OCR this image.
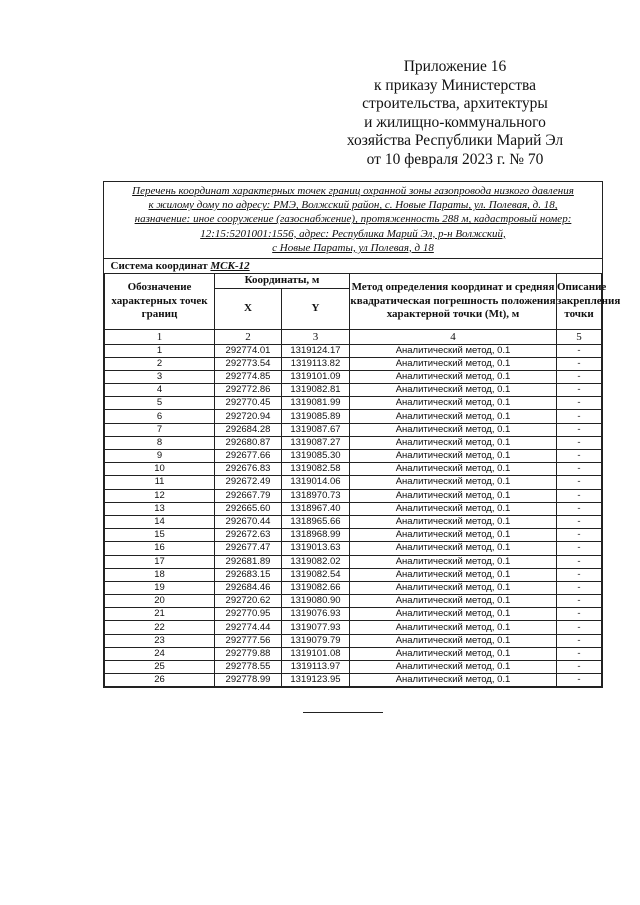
Приложение 16
к приказу Министерства
строительства, архитектуры
и жилищно-коммунального
хозяйства Республики Марий Эл
от 10 февраля 2023 г. № 70
Перечень координат характерных точек границ охранной зоны газопровода низкого давления
к жилому дому по адресу: РМЭ, Волжский район, с. Новые Параты, ул. Полевая, д. 18,
назначение: иное сооружение (газоснабжение), протяженность 288 м, кадастровый номер:
12:15:5201001:1556, адрес: Республика Марий Эл, р-н Волжский,
с Новые Параты, ул Полевая, д 18
Система координат МСК-12				
Обозначение характерных точек границ	Координаты, м		Метод определения координат и средняя квадратическая погрешность положения характерной точки (Mt), м	Описание закрепления точки
	X	Y		
1	2	3	4	5
1	292774.01	1319124.17	Аналитический метод, 0.1	-
2	292773.54	1319113.82	Аналитический метод, 0.1	-
3	292774.85	1319101.09	Аналитический метод, 0.1	-
4	292772.86	1319082.81	Аналитический метод, 0.1	-
5	292770.45	1319081.99	Аналитический метод, 0.1	-
6	292720.94	1319085.89	Аналитический метод, 0.1	-
7	292684.28	1319087.67	Аналитический метод, 0.1	-
8	292680.87	1319087.27	Аналитический метод, 0.1	-
9	292677.66	1319085.30	Аналитический метод, 0.1	-
10	292676.83	1319082.58	Аналитический метод, 0.1	-
11	292672.49	1319014.06	Аналитический метод, 0.1	-
12	292667.79	1318970.73	Аналитический метод, 0.1	-
13	292665.60	1318967.40	Аналитический метод, 0.1	-
14	292670.44	1318965.66	Аналитический метод, 0.1	-
15	292672.63	1318968.99	Аналитический метод, 0.1	-
16	292677.47	1319013.63	Аналитический метод, 0.1	-
17	292681.89	1319082.02	Аналитический метод, 0.1	-
18	292683.15	1319082.54	Аналитический метод, 0.1	-
19	292684.46	1319082.66	Аналитический метод, 0.1	-
20	292720.62	1319080.90	Аналитический метод, 0.1	-
21	292770.95	1319076.93	Аналитический метод, 0.1	-
22	292774.44	1319077.93	Аналитический метод, 0.1	-
23	292777.56	1319079.79	Аналитический метод, 0.1	-
24	292779.88	1319101.08	Аналитический метод, 0.1	-
25	292778.55	1319113.97	Аналитический метод, 0.1	-
26	292778.99	1319123.95	Аналитический метод, 0.1	-
